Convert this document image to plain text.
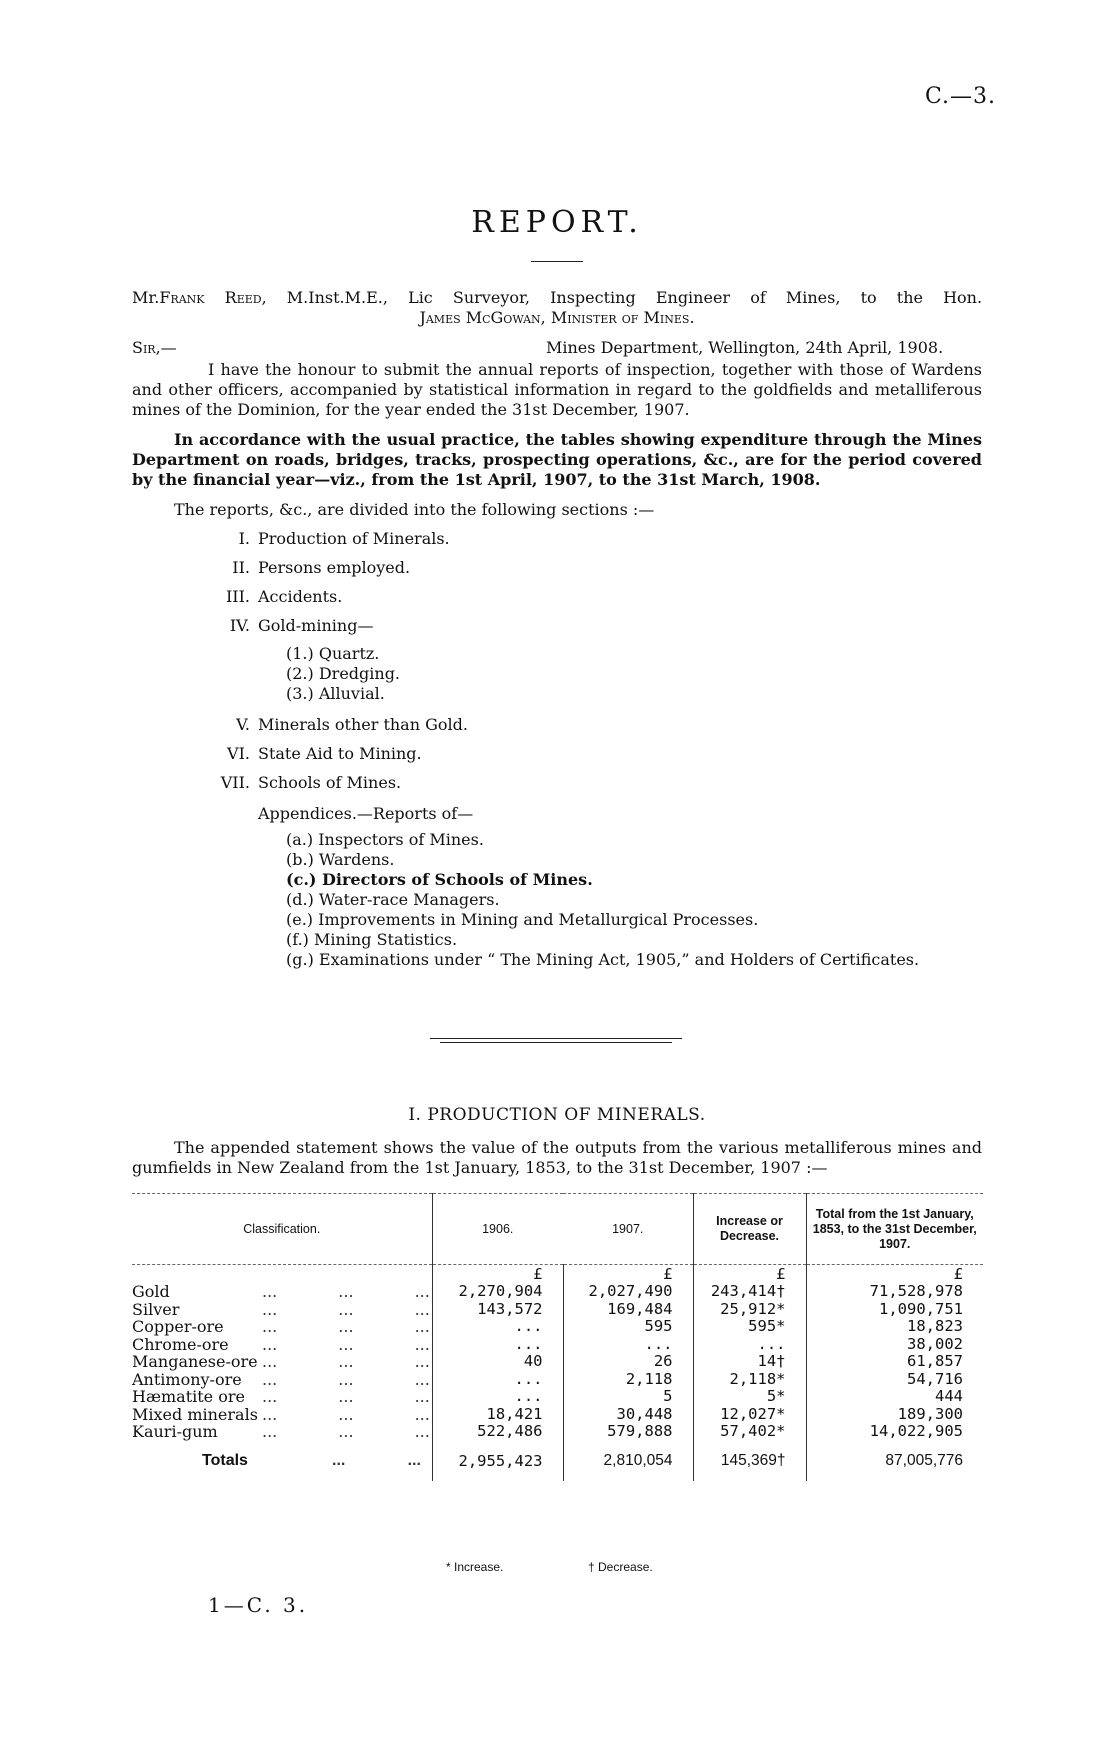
C.—3.
REPORT.
Mr.Frank Reed, M.Inst.M.E., Lic Surveyor, Inspecting Engineer of Mines, to the Hon.
James McGowan, Minister of Mines.
Sir,—	Mines Department, Wellington, 24th April, 1908.
I have the honour to submit the annual reports of inspection, together with those of Wardens and other officers, accompanied by statistical information in regard to the goldfields and metalliferous mines of the Dominion, for the year ended the 31st December, 1907.
In accordance with the usual practice, the tables showing expenditure through the Mines Department on roads, bridges, tracks, prospecting operations, &c., are for the period covered by the financial year—viz., from the 1st April, 1907, to the 31st March, 1908.
The reports, &c., are divided into the following sections :—
I. Production of Minerals.
II. Persons employed.
III. Accidents.
IV. Gold-mining—
(1.) Quartz.
(2.) Dredging.
(3.) Alluvial.
V. Minerals other than Gold.
VI. State Aid to Mining.
VII. Schools of Mines.
Appendices.—Reports of—
(a.) Inspectors of Mines.
(b.) Wardens.
(c.) Directors of Schools of Mines.
(d.) Water-race Managers.
(e.) Improvements in Mining and Metallurgical Processes.
(f.) Mining Statistics.
(g.) Examinations under “ The Mining Act, 1905,” and Holders of Certificates.
I. PRODUCTION OF MINERALS.
The appended statement shows the value of the outputs from the various metalliferous mines and gumfields in New Zealand from the 1st January, 1853, to the 31st December, 1907 :—
Classification.	1906.	1907.	Increase or Decrease.	Total from the 1st January, 1853, to the 31st December, 1907.
	£	£	£	£
Gold ... ... ...	2,270,904	2,027,490	243,414†	71,528,978
Silver ... ... ...	143,572	169,484	25,912*	1,090,751
Copper-ore ... ... ...	...	595	595*	18,823
Chrome-ore ... ... ...	...	...	...	38,002
Manganese-ore ... ... ...	40	26	14†	61,857
Antimony-ore ... ... ...	...	2,118	2,118*	54,716
Hæmatite ore ... ... ...	...	5	5*	444
Mixed minerals ... ... ...	18,421	30,448	12,027*	189,300
Kauri-gum ... ... ...	522,486	579,888	57,402*	14,022,905
Totals ... ...	2,955,423	2,810,054	145,369†	87,005,776
* Increase.	† Decrease.
1—C. 3.
